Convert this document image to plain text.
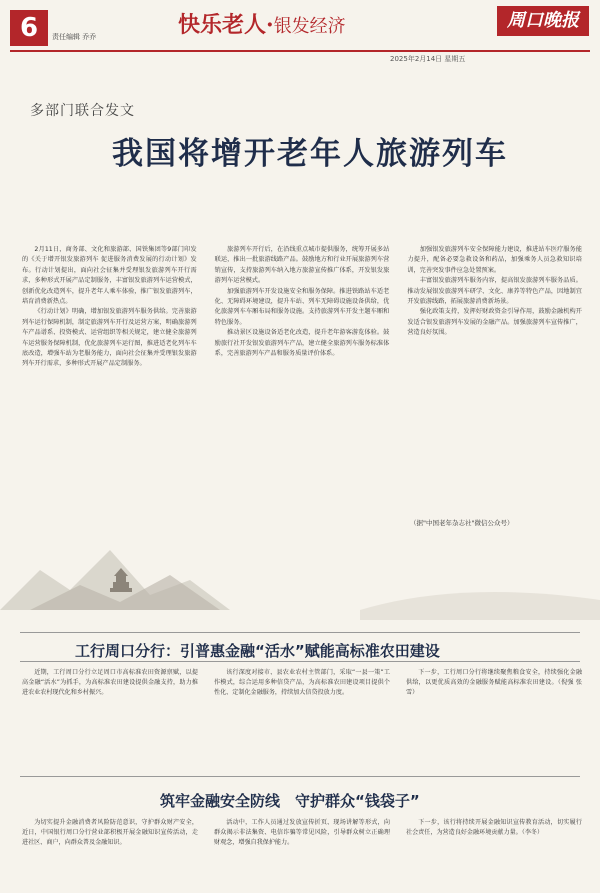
6	责任编辑 乔乔	快乐老人·银发经济	周口晚报
2025年2月14日 星期五
多部门联合发文
我国将增开老年人旅游列车

2月11日，商务部、文化和旅游部、国铁集团等9部门印发的《关于增开银发旅游列车 促进服务消费发展的行动计划》发布。行动计划提出，面向社会征集并受理银发旅游列车开行需求，多种形式开展产品定制服务，丰富银发旅游列车运营模式，创新优化改造列车，提升老年人乘车体验，推广银发旅游列车，培育消费新热点。

《行动计划》明确，增加银发旅游列车服务供给。完善旅游列车运行保障机制，制定旅游列车开行及运营方案，明确旅游列车产品谱系、投资模式、运营组织等相关规定，建立健全旅游列车运营服务保障机制，优化旅游列车运行图，推进适老化列车车底改造，增强车站为老服务能力，面向社会征集并受理银发旅游列车开行需求，多种形式开展产品定制服务。

旅游列车开行后，在沿线重点城市提供服务，统筹开展多站联运，推出一批旅游线路产品。鼓励地方和行业开展旅游列车营销宣传，支持旅游列车纳入地方旅游宣传推广体系，开发银发旅游列车运营模式。

加强旅游列车开发设施安全和服务保障。推进铁路站车适老化、无障碍环境建设，提升车站、列车无障碍设施设备供给，优化旅游列车车厢布局和服务设施。支持旅游列车开发主题车厢和特色服务。

推动景区设施设备适老化改造，提升老年游客游览体验。鼓励旅行社开发银发旅游列车产品，建立健全旅游列车服务标准体系，完善旅游列车产品和服务质量评价体系。

加强银发旅游列车安全保障能力建设，推进站车医疗服务能力提升，配备必要急救设备和药品，加强乘务人员急救知识培训，完善突发事件应急处置预案。

丰富银发旅游列车服务内容，提高银发旅游列车服务品质。推动发展银发旅游列车研学、文化、康养等特色产品，因地制宜开发旅游线路，拓展旅游消费新场景。

强化政策支持，发挥好财政资金引导作用，鼓励金融机构开发适合银发旅游列车发展的金融产品。加强旅游列车宣传推广，营造良好氛围。

（据"中国老年杂志社"微信公众号）
工行周口分行：引普惠金融“活水”赋能高标准农田建设

近期，工行周口分行立足周口市高标准农田资源禀赋，以提高金融“活水”为抓手，为高标准农田建设提供金融支持，助力推进农业农村现代化和乡村振兴。

该行深度对接市、县农业农村主管部门，采取“一县一策”工作模式，综合运用多种信贷产品，为高标准农田建设项目提供个性化、定制化金融服务，持续加大信贷投放力度。

下一步，工行周口分行将继续聚焦粮食安全，持续强化金融供给，以更优质高效的金融服务赋能高标准农田建设。（倪强 张雪）

筑牢金融安全防线　守护群众“钱袋子”

为切实提升金融消费者风险防范意识，守护群众财产安全，近日，中国银行周口分行营业部积极开展金融知识宣传活动，走进社区、商户，向群众普及金融知识。

活动中，工作人员通过发放宣传折页、现场讲解等形式，向群众揭示非法集资、电信诈骗等常见风险，引导群众树立正确理财观念，增强自我保护能力。

下一步，该行将持续开展金融知识宣传教育活动，切实履行社会责任，为营造良好金融环境贡献力量。（李冬）
